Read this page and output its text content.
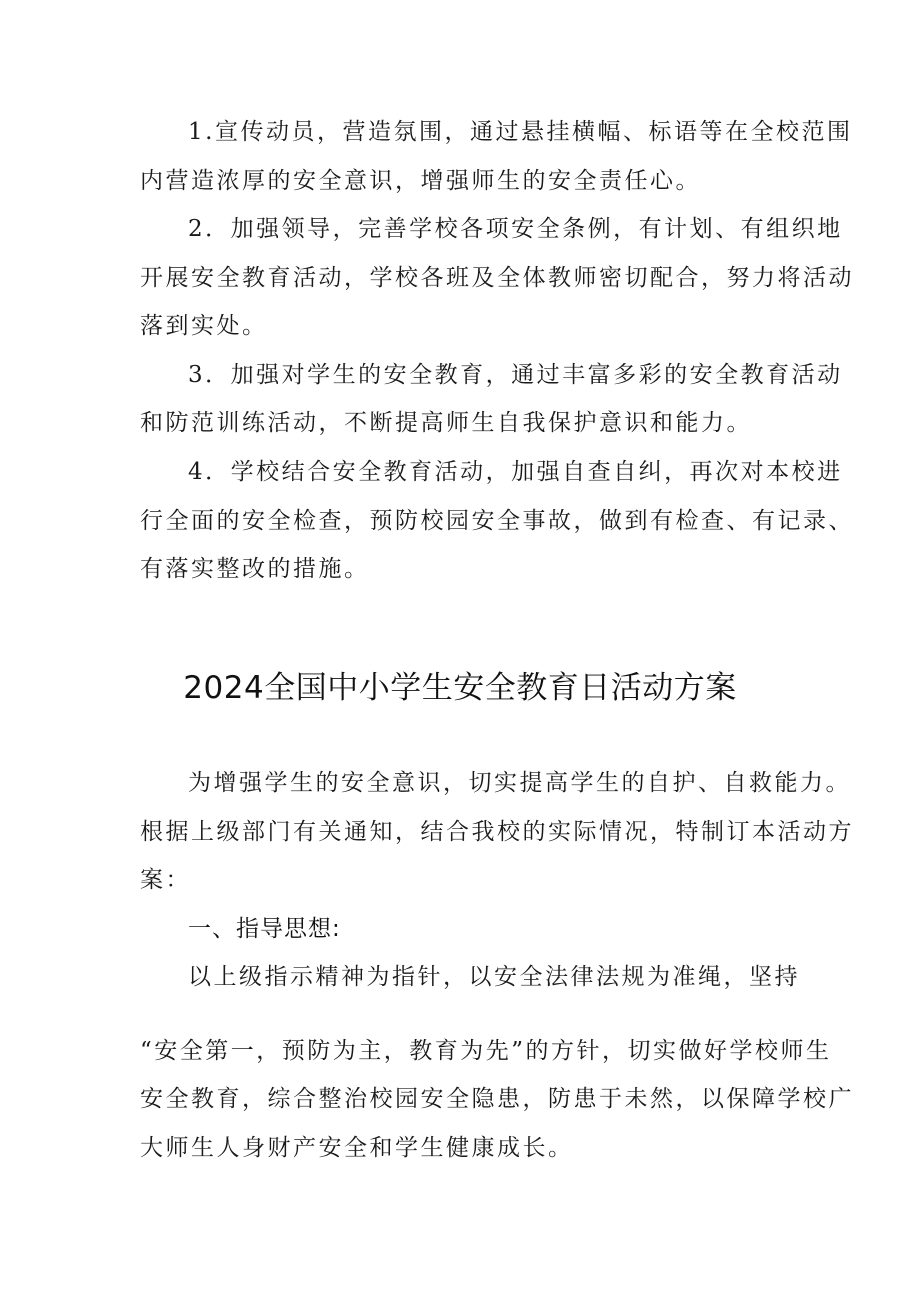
1.宣传动员，营造氛围，通过悬挂横幅、标语等在全校范围
内营造浓厚的安全意识，增强师生的安全责任心。
2．加强领导，完善学校各项安全条例，有计划、有组织地
开展安全教育活动，学校各班及全体教师密切配合，努力将活动
落到实处。
3．加强对学生的安全教育，通过丰富多彩的安全教育活动
和防范训练活动，不断提高师生自我保护意识和能力。
4．学校结合安全教育活动，加强自查自纠，再次对本校进
行全面的安全检查，预防校园安全事故，做到有检查、有记录、
有落实整改的措施。
2024全国中小学生安全教育日活动方案
为增强学生的安全意识，切实提高学生的自护、自救能力。
根据上级部门有关通知，结合我校的实际情况，特制订本活动方
案：
一、指导思想:
以上级指示精神为指针，以安全法律法规为准绳，坚持
“安全第一，预防为主，教育为先”的方针，切实做好学校师生
安全教育，综合整治校园安全隐患，防患于未然，以保障学校广
大师生人身财产安全和学生健康成长。
